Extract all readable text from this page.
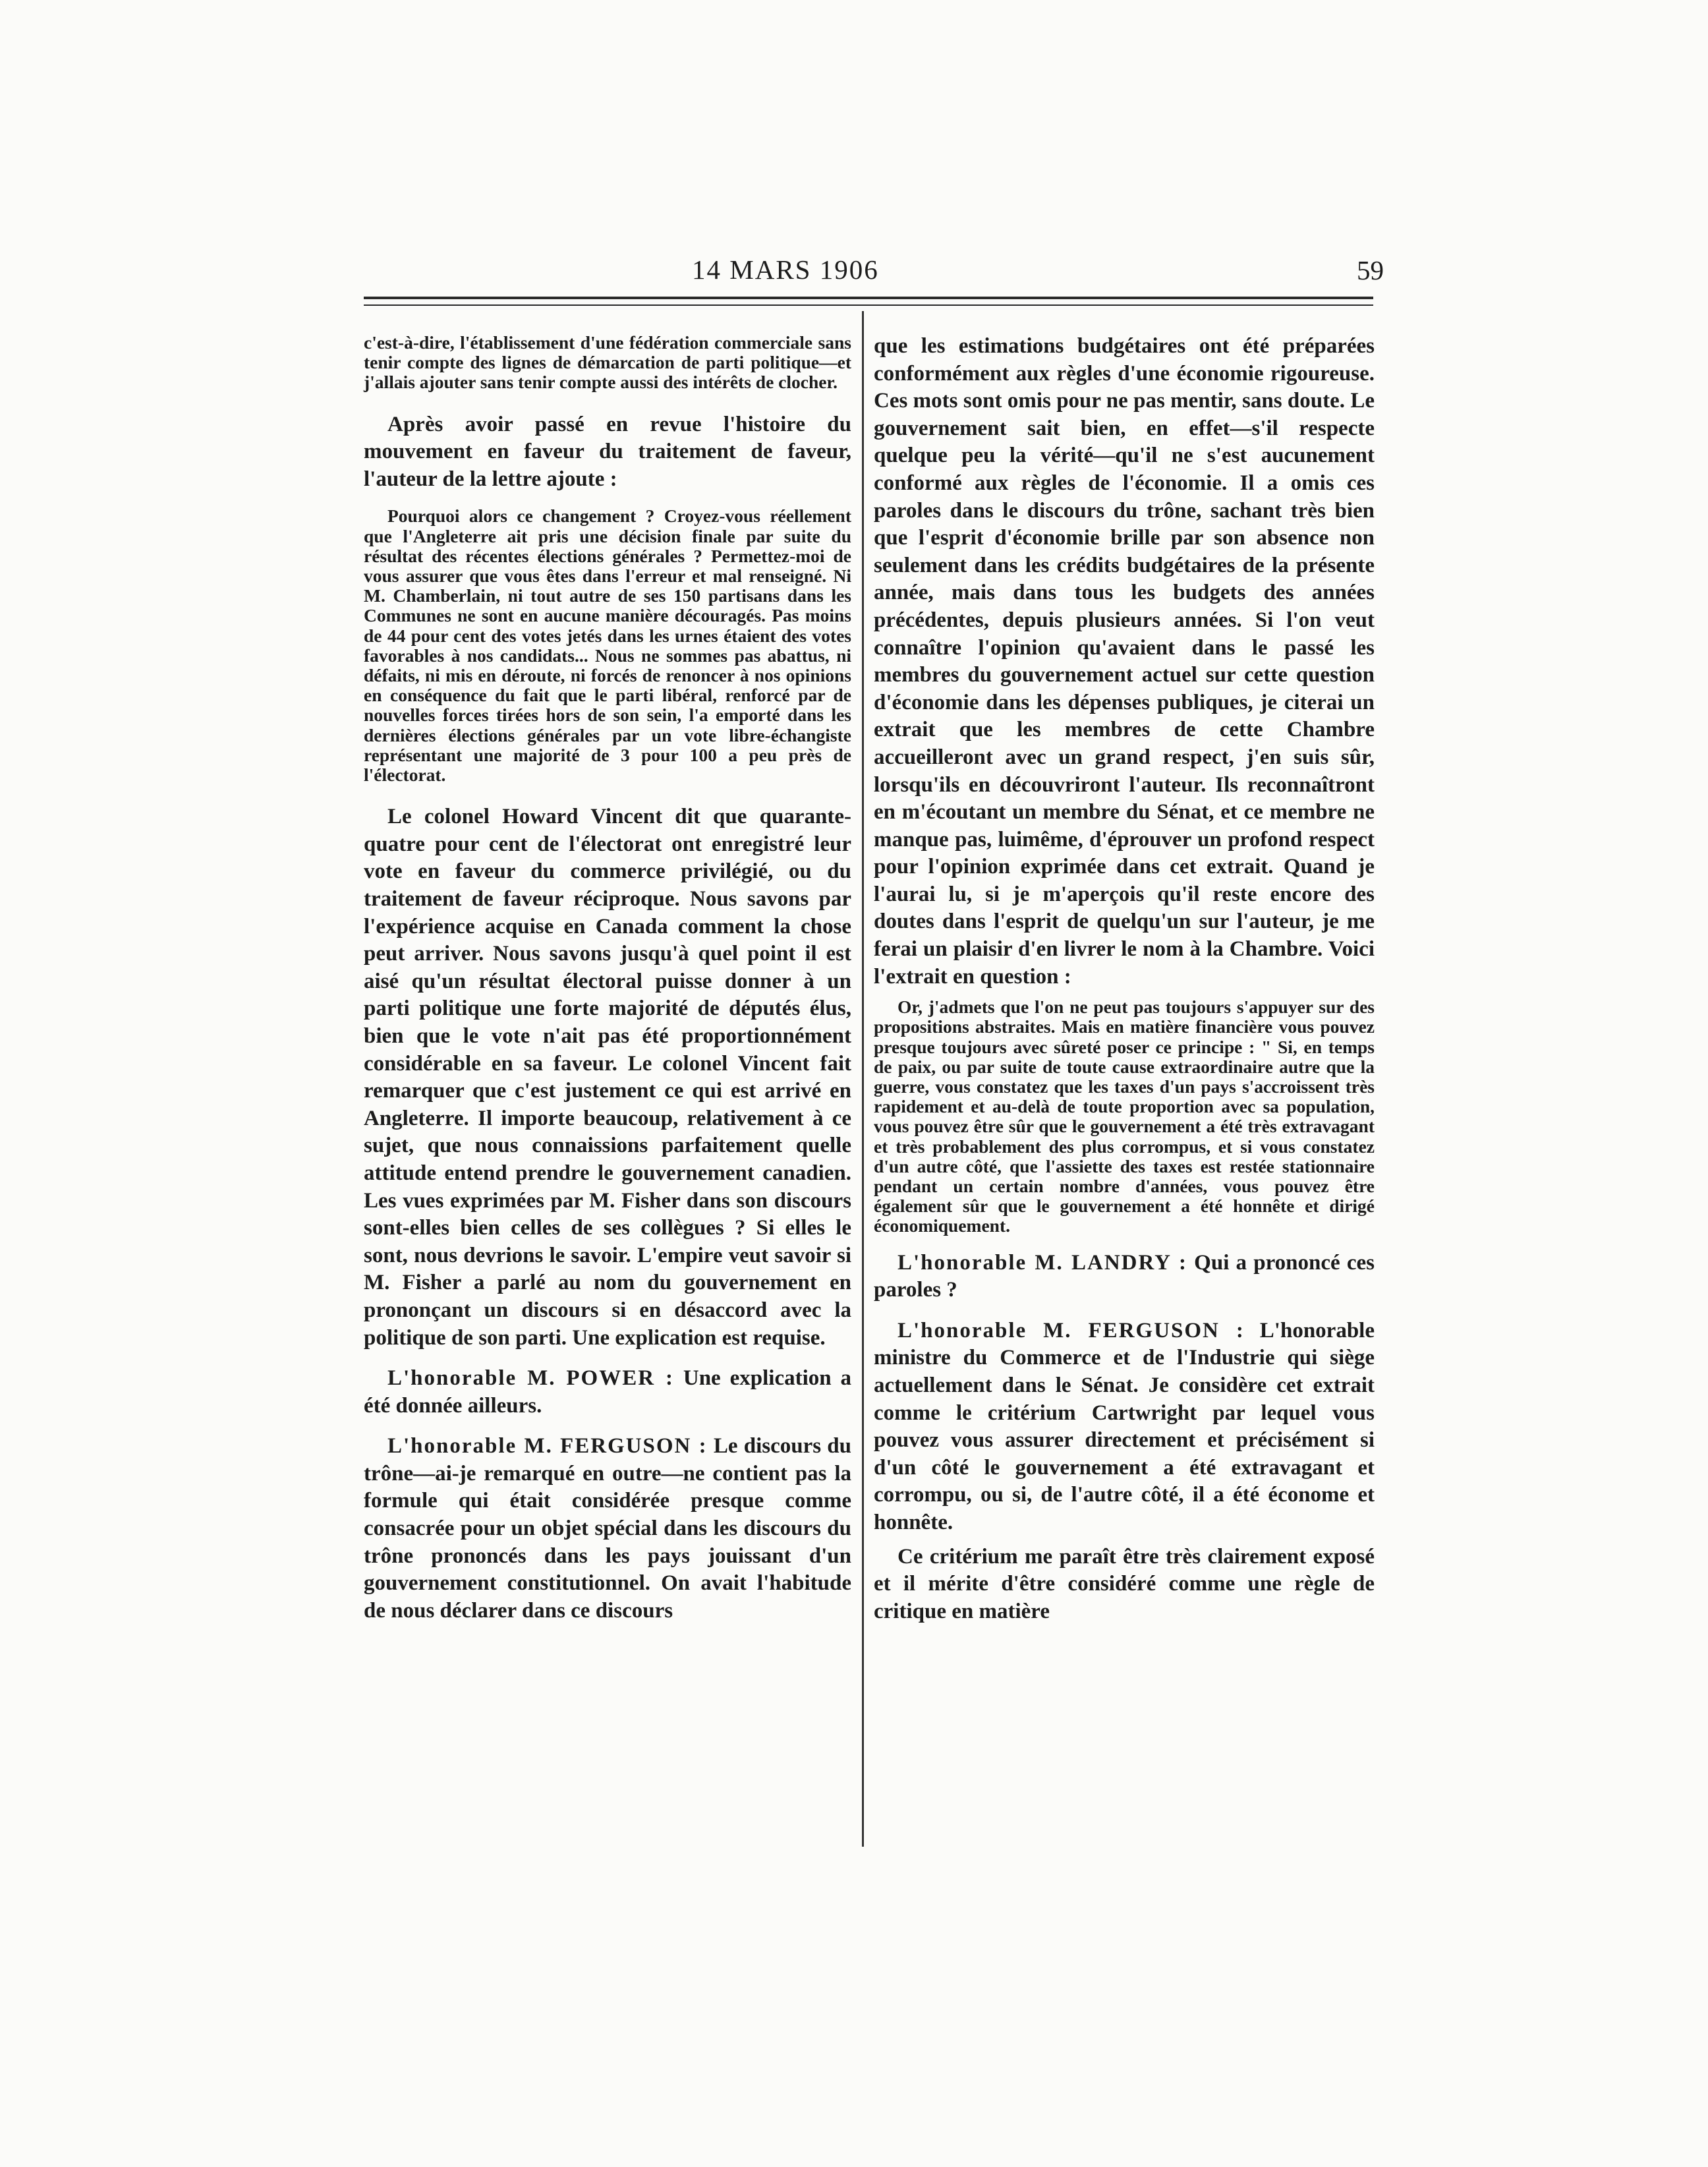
14 MARS 1906	59

c'est-à-dire, l'établissement d'une fédération commerciale sans tenir compte des lignes de démarcation de parti politique—et j'allais ajouter sans tenir compte aussi des intérêts de clocher.

Après avoir passé en revue l'histoire du mouvement en faveur du traitement de faveur, l'auteur de la lettre ajoute :

Pourquoi alors ce changement ? Croyez-vous réellement que l'Angleterre ait pris une décision finale par suite du résultat des récentes élections générales ? Permettez-moi de vous assurer que vous êtes dans l'erreur et mal renseigné. Ni M. Chamberlain, ni tout autre de ses 150 partisans dans les Communes ne sont en aucune manière découragés. Pas moins de 44 pour cent des votes jetés dans les urnes étaient des votes favorables à nos candidats... Nous ne sommes pas abattus, ni défaits, ni mis en déroute, ni forcés de renoncer à nos opinions en conséquence du fait que le parti libéral, renforcé par de nouvelles forces tirées hors de son sein, l'a emporté dans les dernières élections générales par un vote libre-échangiste représentant une majorité de 3 pour 100 a peu près de l'électorat.

Le colonel Howard Vincent dit que quarante-quatre pour cent de l'électorat ont enregistré leur vote en faveur du commerce privilégié, ou du traitement de faveur réciproque. Nous savons par l'expérience acquise en Canada comment la chose peut arriver. Nous savons jusqu'à quel point il est aisé qu'un résultat électoral puisse donner à un parti politique une forte majorité de députés élus, bien que le vote n'ait pas été proportionnément considérable en sa faveur. Le colonel Vincent fait remarquer que c'est justement ce qui est arrivé en Angleterre. Il importe beaucoup, relativement à ce sujet, que nous connaissions parfaitement quelle attitude entend prendre le gouvernement canadien. Les vues exprimées par M. Fisher dans son discours sont-elles bien celles de ses collègues ? Si elles le sont, nous devrions le savoir. L'empire veut savoir si M. Fisher a parlé au nom du gouvernement en prononçant un discours si en désaccord avec la politique de son parti. Une explication est requise.

L'honorable M. POWER : Une explication a été donnée ailleurs.

L'honorable M. FERGUSON : Le discours du trône—ai-je remarqué en outre—ne contient pas la formule qui était considérée presque comme consacrée pour un objet spécial dans les discours du trône prononcés dans les pays jouissant d'un gouvernement constitutionnel. On avait l'habitude de nous déclarer dans ce discours

que les estimations budgétaires ont été préparées conformément aux règles d'une économie rigoureuse. Ces mots sont omis pour ne pas mentir, sans doute. Le gouvernement sait bien, en effet—s'il respecte quelque peu la vérité—qu'il ne s'est aucunement conformé aux règles de l'économie. Il a omis ces paroles dans le discours du trône, sachant très bien que l'esprit d'économie brille par son absence non seulement dans les crédits budgétaires de la présente année, mais dans tous les budgets des années précédentes, depuis plusieurs années. Si l'on veut connaître l'opinion qu'avaient dans le passé les membres du gouvernement actuel sur cette question d'économie dans les dépenses publiques, je citerai un extrait que les membres de cette Chambre accueilleront avec un grand respect, j'en suis sûr, lorsqu'ils en découvriront l'auteur. Ils reconnaîtront en m'écoutant un membre du Sénat, et ce membre ne manque pas, luimême, d'éprouver un profond respect pour l'opinion exprimée dans cet extrait. Quand je l'aurai lu, si je m'aperçois qu'il reste encore des doutes dans l'esprit de quelqu'un sur l'auteur, je me ferai un plaisir d'en livrer le nom à la Chambre. Voici l'extrait en question :

Or, j'admets que l'on ne peut pas toujours s'appuyer sur des propositions abstraites. Mais en matière financière vous pouvez presque toujours avec sûreté poser ce principe : " Si, en temps de paix, ou par suite de toute cause extraordinaire autre que la guerre, vous constatez que les taxes d'un pays s'accroissent très rapidement et au-delà de toute proportion avec sa population, vous pouvez être sûr que le gouvernement a été très extravagant et très probablement des plus corrompus, et si vous constatez d'un autre côté, que l'assiette des taxes est restée stationnaire pendant un certain nombre d'années, vous pouvez être également sûr que le gouvernement a été honnête et dirigé économiquement.

L'honorable M. LANDRY : Qui a prononcé ces paroles ?

L'honorable M. FERGUSON : L'honorable ministre du Commerce et de l'Industrie qui siège actuellement dans le Sénat. Je considère cet extrait comme le critérium Cartwright par lequel vous pouvez vous assurer directement et précisément si d'un côté le gouvernement a été extravagant et corrompu, ou si, de l'autre côté, il a été économe et honnête.

Ce critérium me paraît être très clairement exposé et il mérite d'être considéré comme une règle de critique en matière
